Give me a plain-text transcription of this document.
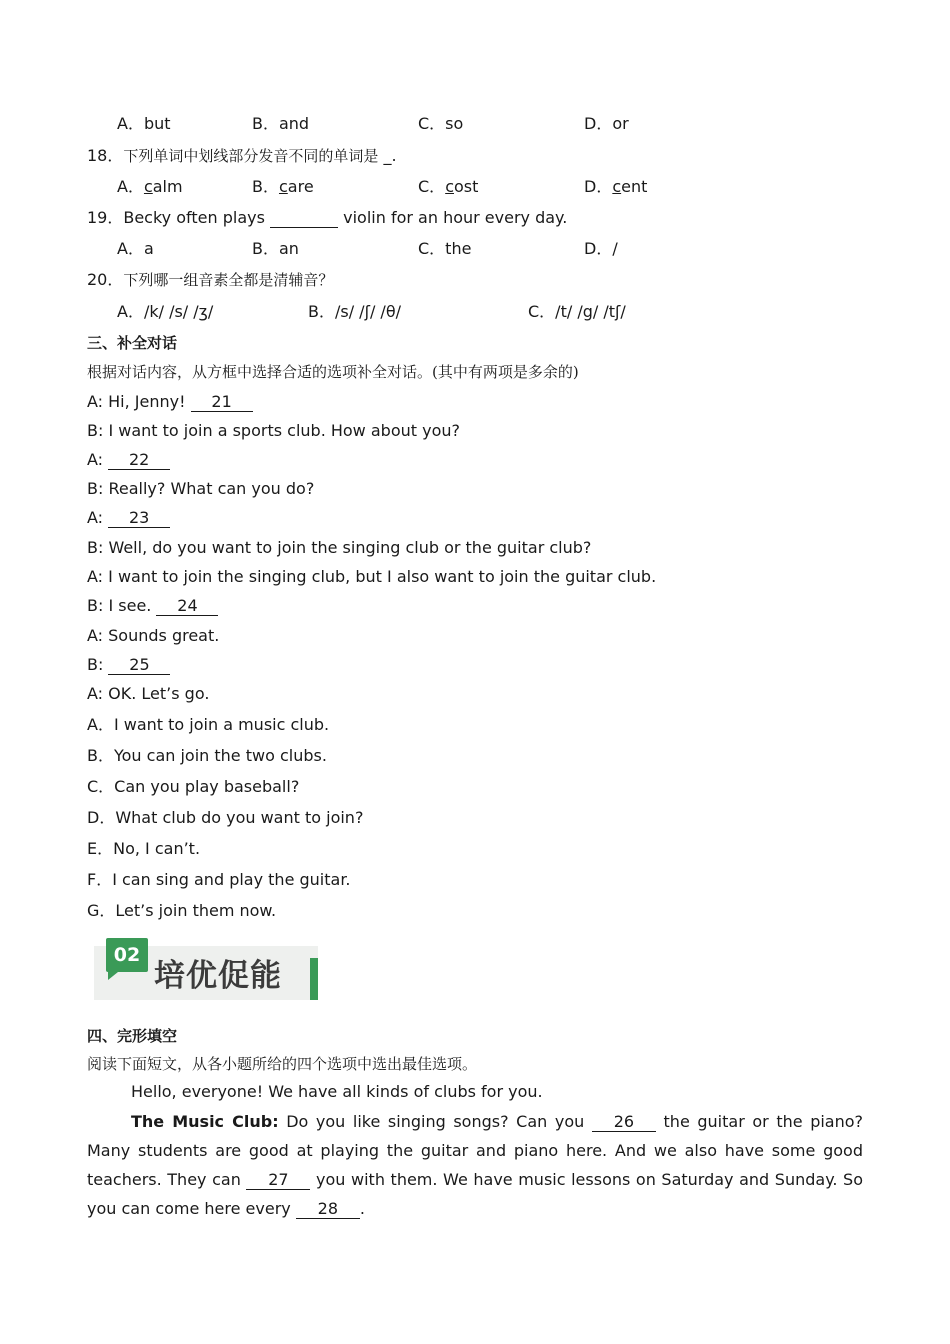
A．but	B．and	C．so	D．or
18．下列单词中划线部分发音不同的单词是 _.
A．calm	B．care	C．cost	D．cent
19．Becky often plays	violin for an hour every day.
A．a	B．an	C．the	D．/
20．下列哪一组音素全都是清辅音？
A．/k/ /s/ /ʒ/	B．/s/ /ʃ/ /θ/	C．/t/ /g/ /tʃ/
三、补全对话
根据对话内容，从方框中选择合适的选项补全对话。(其中有两项是多余的)
A: Hi, Jenny! 21
B: I want to join a sports club. How about you?
A: 22
B: Really? What can you do?
A: 23
B: Well, do you want to join the singing club or the guitar club?
A: I want to join the singing club, but I also want to join the guitar club.
B: I see. 24
A: Sounds great.
B: 25
A: OK. Let’s go.
A．I want to join a music club.
B．You can join the two clubs.
C．Can you play baseball?
D．What club do you want to join?
E．No, I can’t.
F．I can sing and play the guitar.
G．Let’s join them now.
02
培优促能
四、完形填空
阅读下面短文，从各小题所给的四个选项中选出最佳选项。
Hello, everyone! We have all kinds of clubs for you.
The Music Club: Do you like singing songs? Can you 26 the guitar or the piano? Many students are good at playing the guitar and piano here. And we also have some good teachers. They can 27 you with them. We have music lessons on Saturday and Sunday. So you can come here every 28 .
